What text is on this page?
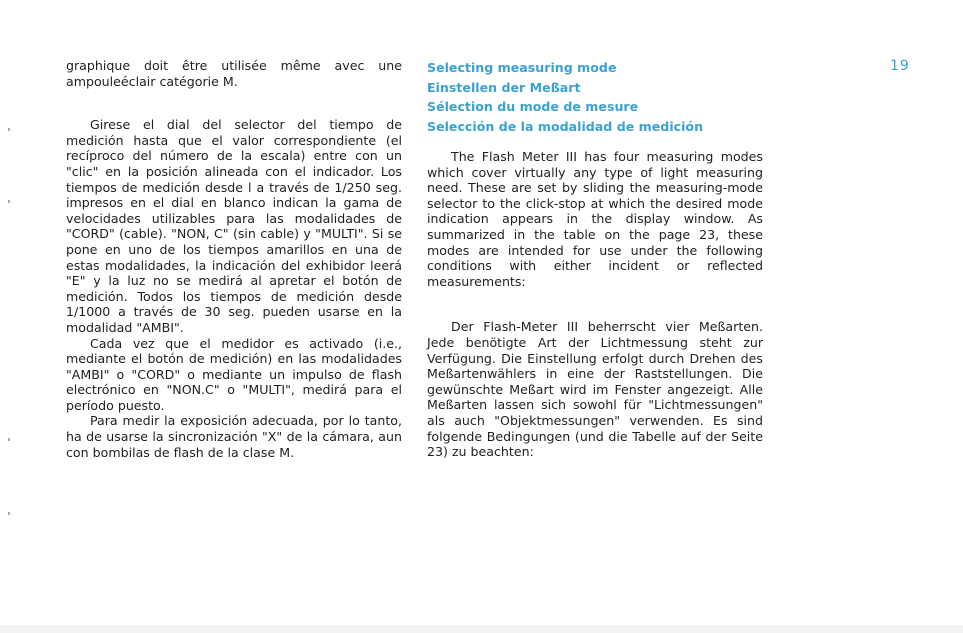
graphique doit être utilisée même avec une ampouleéclair catégorie M.

Girese el dial del selector del tiempo de medición hasta que el valor correspondiente (el recíproco del número de la escala) entre con un "clic" en la posición alineada con el indicador. Los tiempos de medición desde l a través de 1/250 seg. impresos en el dial en blanco indican la gama de velocidades utilizables para las modalidades de "CORD" (cable). "NON, C" (sin cable) y "MULTI". Si se pone en uno de los tiempos amarillos en una de estas modalidades, la indicación del exhibidor leerá "E" y la luz no se medirá al apretar el botón de medición. Todos los tiempos de medición desde 1/1000 a través de 30 seg. pueden usarse en la modalidad "AMBI".

Cada vez que el medidor es activado (i.e., mediante el botón de medición) en las modalidades "AMBI" o "CORD" o mediante un impulso de flash electrónico en "NON.C" o "MULTI", medirá para el período puesto.

Para medir la exposición adecuada, por lo tanto, ha de usarse la sincronización "X" de la cámara, aun con bombilas de flash de la clase M.

Selecting measuring mode

Einstellen der Meßart

Sélection du mode de mesure

Selección de la modalidad de medición

The Flash Meter III has four measuring modes which cover virtually any type of light measuring need. These are set by sliding the measuring-mode selector to the click-stop at which the desired mode indication appears in the display window. As summarized in the table on the page 23, these modes are intended for use under the following conditions with either incident or reflected measurements:

Der Flash-Meter III beherrscht vier Meßarten. Jede benötigte Art der Lichtmessung steht zur Verfügung. Die Einstellung erfolgt durch Drehen des Meßartenwählers in eine der Raststellungen. Die gewünschte Meßart wird im Fenster angezeigt. Alle Meßarten lassen sich sowohl für "Lichtmessungen" als auch "Objektmessungen" verwenden. Es sind folgende Bedingungen (und die Tabelle auf der Seite 23) zu beachten:

19
